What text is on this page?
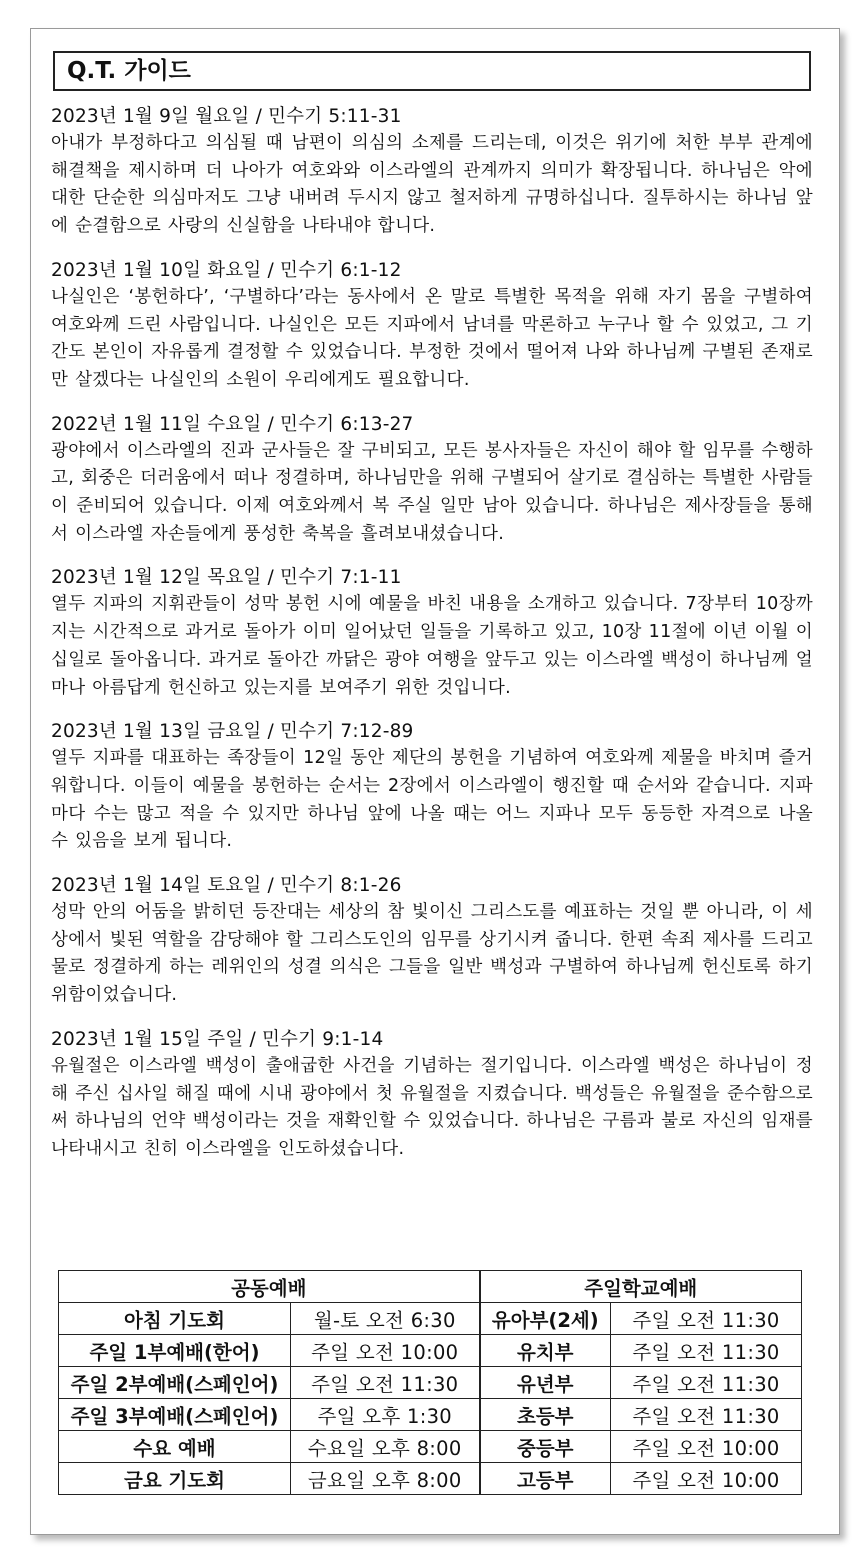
Q.T. 가이드
2023년 1월 9일 월요일 / 민수기 5:11-31
아내가 부정하다고 의심될 때 남편이 의심의 소제를 드리는데, 이것은 위기에 처한 부부 관계에 해결책을 제시하며 더 나아가 여호와와 이스라엘의 관계까지 의미가 확장됩니다. 하나님은 악에 대한 단순한 의심마저도 그냥 내버려 두시지 않고 철저하게 규명하십니다. 질투하시는 하나님 앞에 순결함으로 사랑의 신실함을 나타내야 합니다.
2023년 1월 10일 화요일 / 민수기 6:1-12
나실인은 ‘봉헌하다’, ‘구별하다’라는 동사에서 온 말로 특별한 목적을 위해 자기 몸을 구별하여 여호와께 드린 사람입니다. 나실인은 모든 지파에서 남녀를 막론하고 누구나 할 수 있었고, 그 기간도 본인이 자유롭게 결정할 수 있었습니다. 부정한 것에서 떨어져 나와 하나님께 구별된 존재로만 살겠다는 나실인의 소원이 우리에게도 필요합니다.
2022년 1월 11일 수요일 / 민수기 6:13-27
광야에서 이스라엘의 진과 군사들은 잘 구비되고, 모든 봉사자들은 자신이 해야 할 임무를 수행하고, 회중은 더러움에서 떠나 정결하며, 하나님만을 위해 구별되어 살기로 결심하는 특별한 사람들이 준비되어 있습니다. 이제 여호와께서 복 주실 일만 남아 있습니다. 하나님은 제사장들을 통해서 이스라엘 자손들에게 풍성한 축복을 흘려보내셨습니다.
2023년 1월 12일 목요일 / 민수기 7:1-11
열두 지파의 지휘관들이 성막 봉헌 시에 예물을 바친 내용을 소개하고 있습니다. 7장부터 10장까지는 시간적으로 과거로 돌아가 이미 일어났던 일들을 기록하고 있고, 10장 11절에 이년 이월 이십일로 돌아옵니다. 과거로 돌아간 까닭은 광야 여행을 앞두고 있는 이스라엘 백성이 하나님께 얼마나 아름답게 헌신하고 있는지를 보여주기 위한 것입니다.
2023년 1월 13일 금요일 / 민수기 7:12-89
열두 지파를 대표하는 족장들이 12일 동안 제단의 봉헌을 기념하여 여호와께 제물을 바치며 즐거워합니다. 이들이 예물을 봉헌하는 순서는 2장에서 이스라엘이 행진할 때 순서와 같습니다. 지파마다 수는 많고 적을 수 있지만 하나님 앞에 나올 때는 어느 지파나 모두 동등한 자격으로 나올 수 있음을 보게 됩니다.
2023년 1월 14일 토요일 / 민수기 8:1-26
성막 안의 어둠을 밝히던 등잔대는 세상의 참 빛이신 그리스도를 예표하는 것일 뿐 아니라, 이 세상에서 빛된 역할을 감당해야 할 그리스도인의 임무를 상기시켜 줍니다. 한편 속죄 제사를 드리고 물로 정결하게 하는 레위인의 성결 의식은 그들을 일반 백성과 구별하여 하나님께 헌신토록 하기 위함이었습니다.
2023년 1월 15일 주일 / 민수기 9:1-14
유월절은 이스라엘 백성이 출애굽한 사건을 기념하는 절기입니다. 이스라엘 백성은 하나님이 정해 주신 십사일 해질 때에 시내 광야에서 첫 유월절을 지켰습니다. 백성들은 유월절을 준수함으로써 하나님의 언약 백성이라는 것을 재확인할 수 있었습니다. 하나님은 구름과 불로 자신의 임재를 나타내시고 친히 이스라엘을 인도하셨습니다.
공동예배		주일학교예배	
아침 기도회	월-토 오전 6:30	유아부(2세)	주일 오전 11:30
주일 1부예배(한어)	주일 오전 10:00	유치부	주일 오전 11:30
주일 2부예배(스페인어)	주일 오전 11:30	유년부	주일 오전 11:30
주일 3부예배(스페인어)	주일 오후 1:30	초등부	주일 오전 11:30
수요 예배	수요일 오후 8:00	중등부	주일 오전 10:00
금요 기도회	금요일 오후 8:00	고등부	주일 오전 10:00
